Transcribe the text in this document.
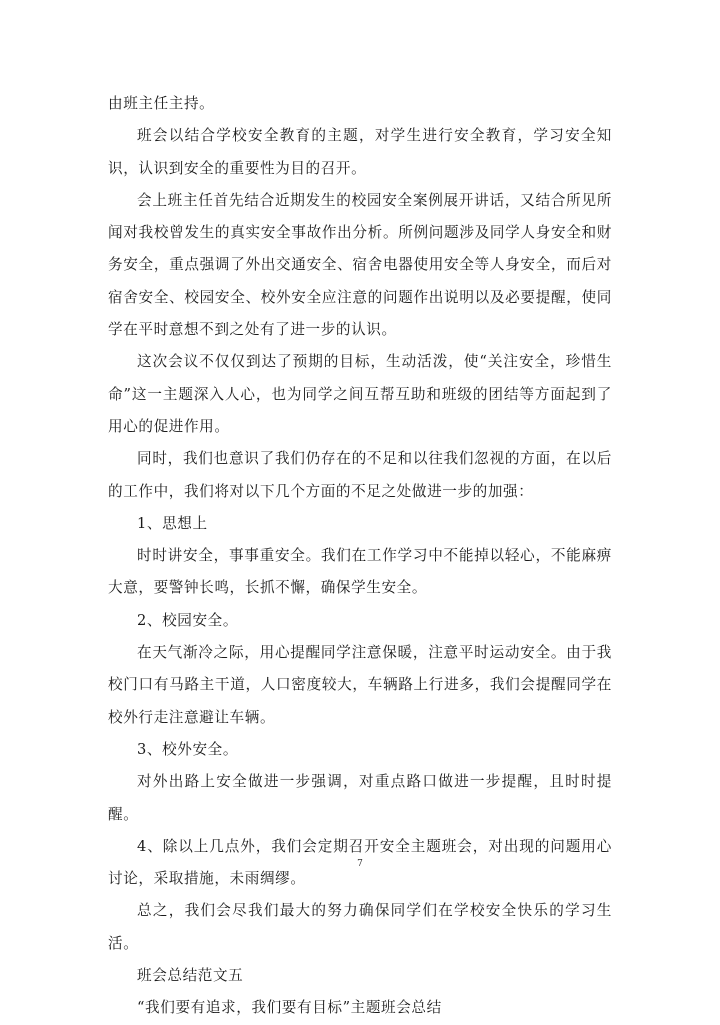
由班主任主持。

班会以结合学校安全教育的主题，对学生进行安全教育，学习安全知识，认识到安全的重要性为目的召开。

会上班主任首先结合近期发生的校园安全案例展开讲话，又结合所见所闻对我校曾发生的真实安全事故作出分析。所例问题涉及同学人身安全和财务安全，重点强调了外出交通安全、宿舍电器使用安全等人身安全，而后对宿舍安全、校园安全、校外安全应注意的问题作出说明以及必要提醒，使同学在平时意想不到之处有了进一步的认识。

这次会议不仅仅到达了预期的目标，生动活泼，使“关注安全，珍惜生命”这一主题深入人心，也为同学之间互帮互助和班级的团结等方面起到了用心的促进作用。

同时，我们也意识了我们仍存在的不足和以往我们忽视的方面，在以后的工作中，我们将对以下几个方面的不足之处做进一步的加强：

1、思想上

时时讲安全，事事重安全。我们在工作学习中不能掉以轻心，不能麻痹大意，要警钟长鸣，长抓不懈，确保学生安全。

2、校园安全。

在天气渐冷之际，用心提醒同学注意保暖，注意平时运动安全。由于我校门口有马路主干道，人口密度较大，车辆路上行进多，我们会提醒同学在校外行走注意避让车辆。

3、校外安全。

对外出路上安全做进一步强调，对重点路口做进一步提醒，且时时提醒。

4、除以上几点外，我们会定期召开安全主题班会，对出现的问题用心讨论，采取措施，未雨绸缪。

总之，我们会尽我们最大的努力确保同学们在学校安全快乐的学习生活。

班会总结范文五

“我们要有追求，我们要有目标”主题班会总结

7
